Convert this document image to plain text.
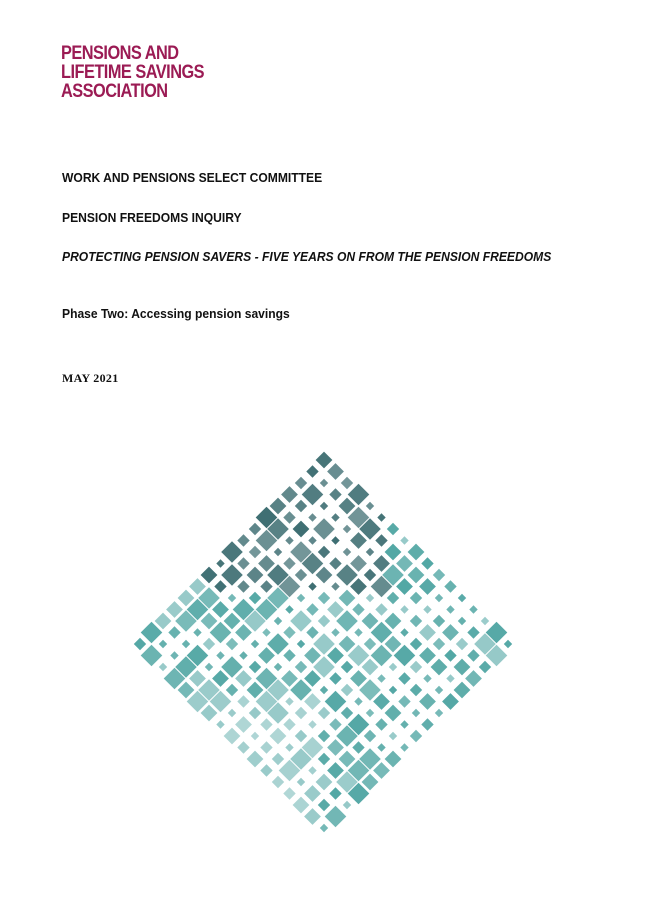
PENSIONS AND
LIFETIME SAVINGS
ASSOCIATION
WORK AND PENSIONS SELECT COMMITTEE
PENSION FREEDOMS INQUIRY
PROTECTING PENSION SAVERS - FIVE YEARS ON FROM THE PENSION FREEDOMS
Phase Two: Accessing pension savings

MAY 2021
